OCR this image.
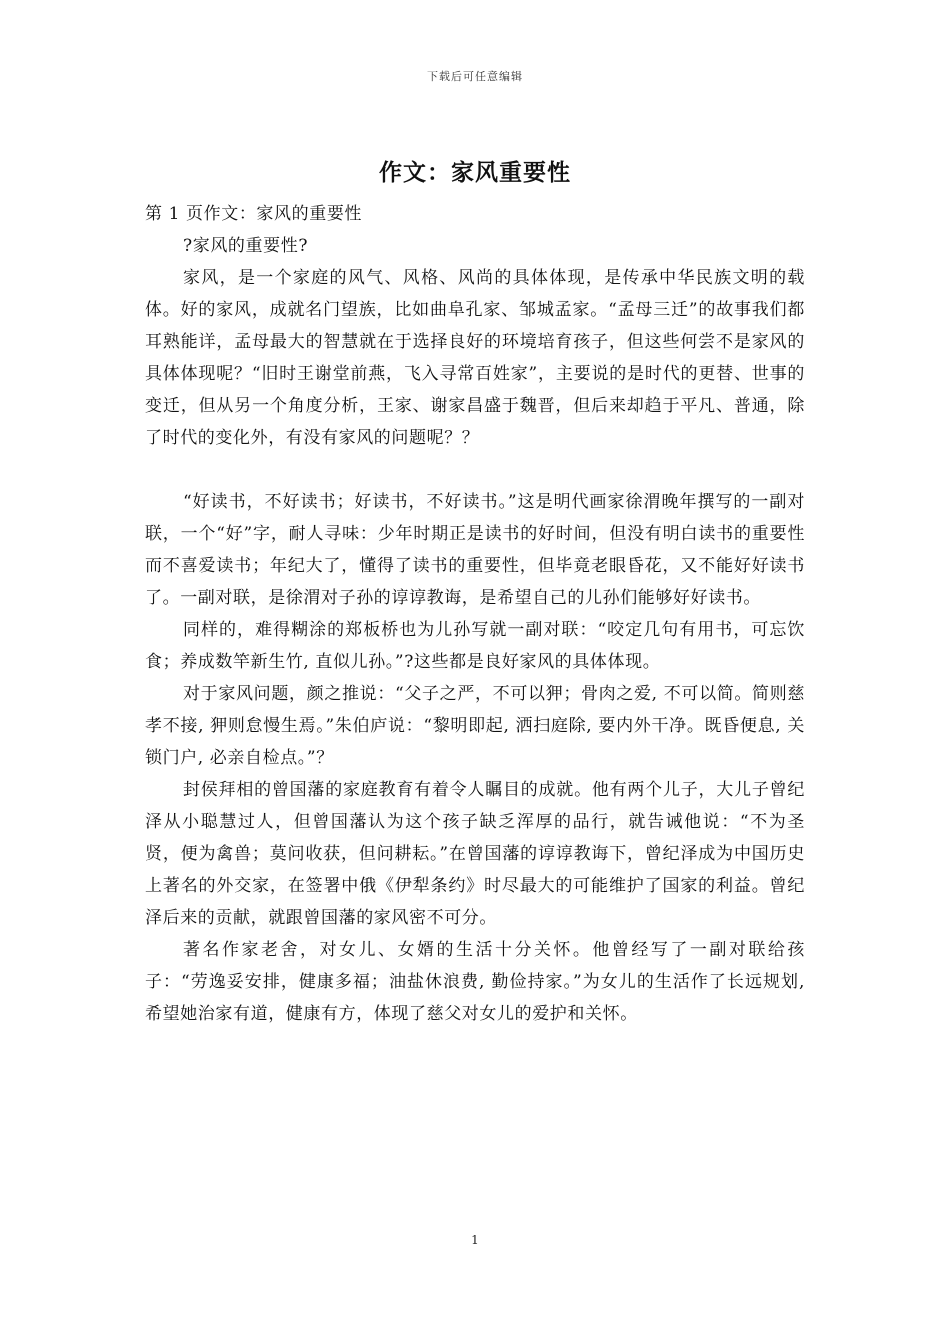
下载后可任意编辑
作文：家风重要性

第 1 页作文：家风的重要性

?家风的重要性?

家风，是一个家庭的风气、风格、风尚的具体体现，是传承中华民族文明的载体。好的家风，成就名门望族，比如曲阜孔家、邹城孟家。“孟母三迁”的故事我们都耳熟能详，孟母最大的智慧就在于选择良好的环境培育孩子，但这些何尝不是家风的具体体现呢？“旧时王谢堂前燕，飞入寻常百姓家”，主要说的是时代的更替、世事的变迁，但从另一个角度分析，王家、谢家昌盛于魏晋，但后来却趋于平凡、普通，除了时代的变化外，有没有家风的问题呢？？

“好读书，不好读书；好读书，不好读书。”这是明代画家徐渭晚年撰写的一副对联，一个“好”字，耐人寻味：少年时期正是读书的好时间，但没有明白读书的重要性而不喜爱读书；年纪大了，懂得了读书的重要性，但毕竟老眼昏花，又不能好好读书了。一副对联，是徐渭对子孙的谆谆教诲，是希望自己的儿孙们能够好好读书。

同样的，难得糊涂的郑板桥也为儿孙写就一副对联：“咬定几句有用书，可忘饮食；养成数竿新生竹, 直似儿孙。”?这些都是良好家风的具体体现。

对于家风问题，颜之推说：“父子之严，不可以狎；骨肉之爱, 不可以简。简则慈孝不接, 狎则怠慢生焉。”朱伯庐说：“黎明即起, 洒扫庭除, 要内外干净。既昏便息, 关锁门户, 必亲自检点。”？

封侯拜相的曾国藩的家庭教育有着令人瞩目的成就。他有两个儿子，大儿子曾纪泽从小聪慧过人，但曾国藩认为这个孩子缺乏浑厚的品行，就告诫他说：“不为圣贤，便为禽兽；莫问收获，但问耕耘。”在曾国藩的谆谆教诲下，曾纪泽成为中国历史上著名的外交家，在签署中俄《伊犁条约》时尽最大的可能维护了国家的利益。曾纪泽后来的贡献，就跟曾国藩的家风密不可分。

著名作家老舍，对女儿、女婿的生活十分关怀。他曾经写了一副对联给孩子：“劳逸妥安排，健康多福；油盐休浪费, 勤俭持家。”为女儿的生活作了长远规划, 希望她治家有道，健康有方，体现了慈父对女儿的爱护和关怀。

1
